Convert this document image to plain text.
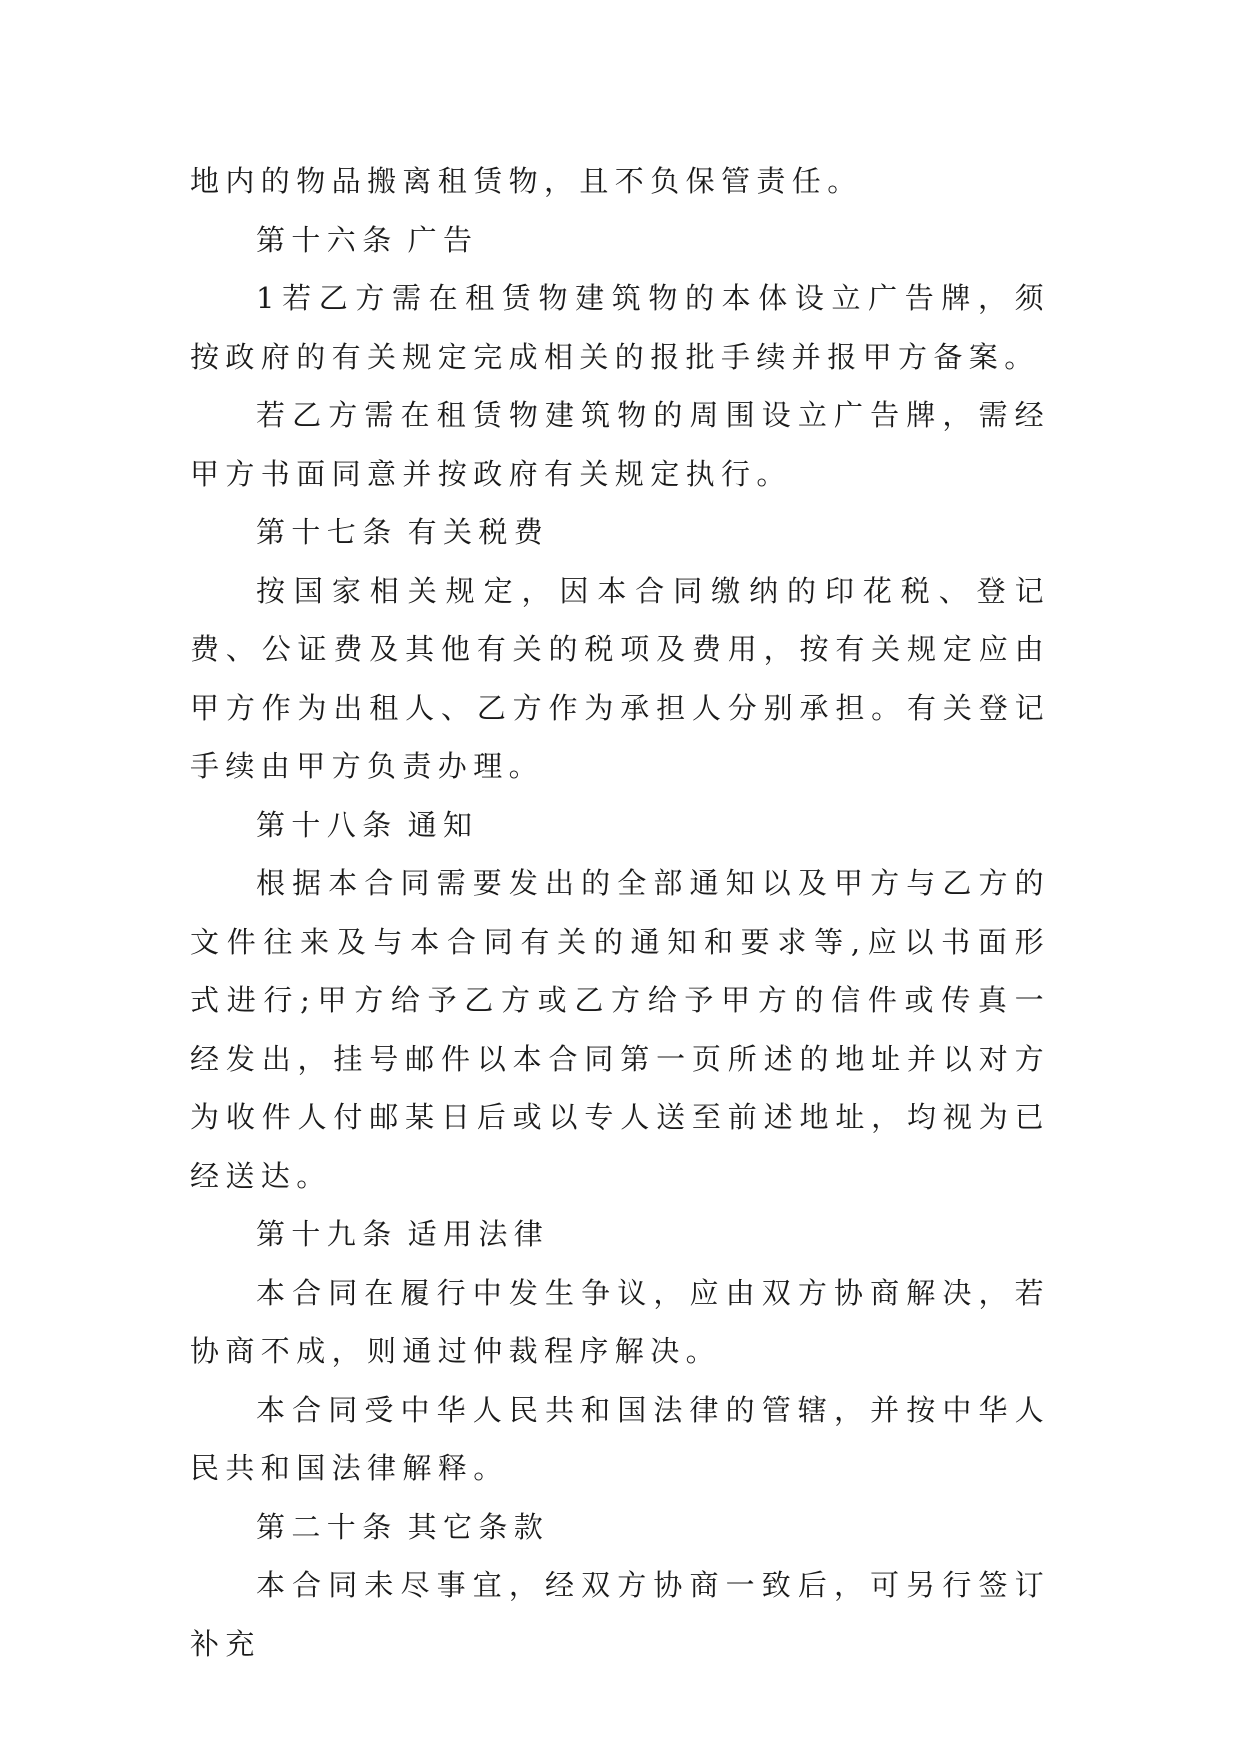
地内的物品搬离租赁物，且不负保管责任。

第十六条 广告

1若乙方需在租赁物建筑物的本体设立广告牌，须按政府的有关规定完成相关的报批手续并报甲方备案。

若乙方需在租赁物建筑物的周围设立广告牌，需经甲方书面同意并按政府有关规定执行。

第十七条 有关税费

按国家相关规定，因本合同缴纳的印花税、登记费、公证费及其他有关的税项及费用，按有关规定应由甲方作为出租人、乙方作为承担人分别承担。有关登记手续由甲方负责办理。

第十八条 通知

根据本合同需要发出的全部通知以及甲方与乙方的文件往来及与本合同有关的通知和要求等,应以书面形式进行;甲方给予乙方或乙方给予甲方的信件或传真一经发出，挂号邮件以本合同第一页所述的地址并以对方为收件人付邮某日后或以专人送至前述地址，均视为已经送达。

第十九条 适用法律

本合同在履行中发生争议，应由双方协商解决，若协商不成，则通过仲裁程序解决。

本合同受中华人民共和国法律的管辖，并按中华人民共和国法律解释。

第二十条 其它条款

本合同未尽事宜，经双方协商一致后，可另行签订补充
